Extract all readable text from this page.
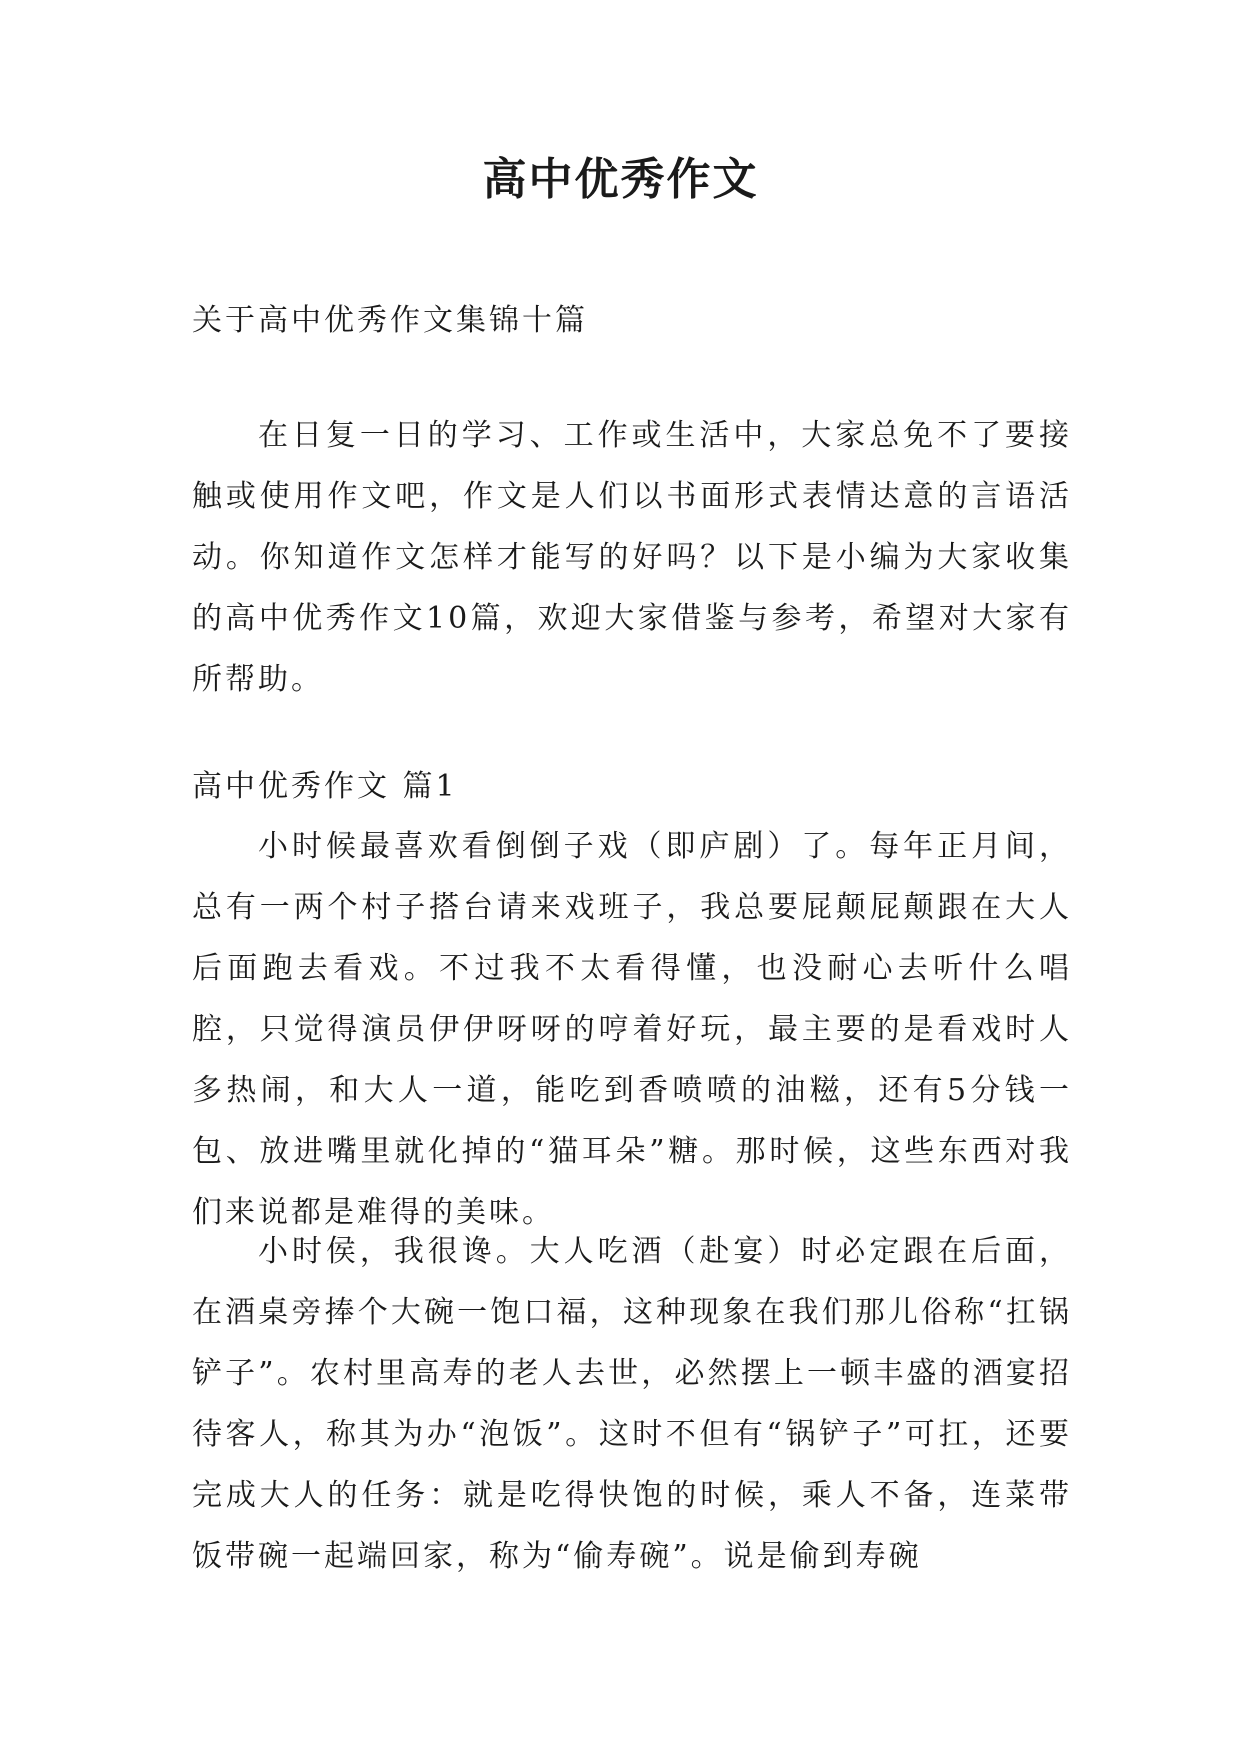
高中优秀作文

关于高中优秀作文集锦十篇

在日复一日的学习、工作或生活中，大家总免不了要接触或使用作文吧，作文是人们以书面形式表情达意的言语活动。你知道作文怎样才能写的好吗？以下是小编为大家收集的高中优秀作文10篇，欢迎大家借鉴与参考，希望对大家有所帮助。

高中优秀作文 篇1

小时候最喜欢看倒倒子戏（即庐剧）了。每年正月间，总有一两个村子搭台请来戏班子，我总要屁颠屁颠跟在大人后面跑去看戏。不过我不太看得懂，也没耐心去听什么唱腔，只觉得演员伊伊呀呀的哼着好玩，最主要的是看戏时人多热闹，和大人一道，能吃到香喷喷的油糍，还有5分钱一包、放进嘴里就化掉的“猫耳朵”糖。那时候，这些东西对我们来说都是难得的美味。

小时侯，我很谗。大人吃酒（赴宴）时必定跟在后面，在酒桌旁捧个大碗一饱口福，这种现象在我们那儿俗称“扛锅铲子”。农村里高寿的老人去世，必然摆上一顿丰盛的酒宴招待客人，称其为办“泡饭”。这时不但有“锅铲子”可扛，还要完成大人的任务：就是吃得快饱的时候，乘人不备，连菜带饭带碗一起端回家，称为“偷寿碗”。说是偷到寿碗
